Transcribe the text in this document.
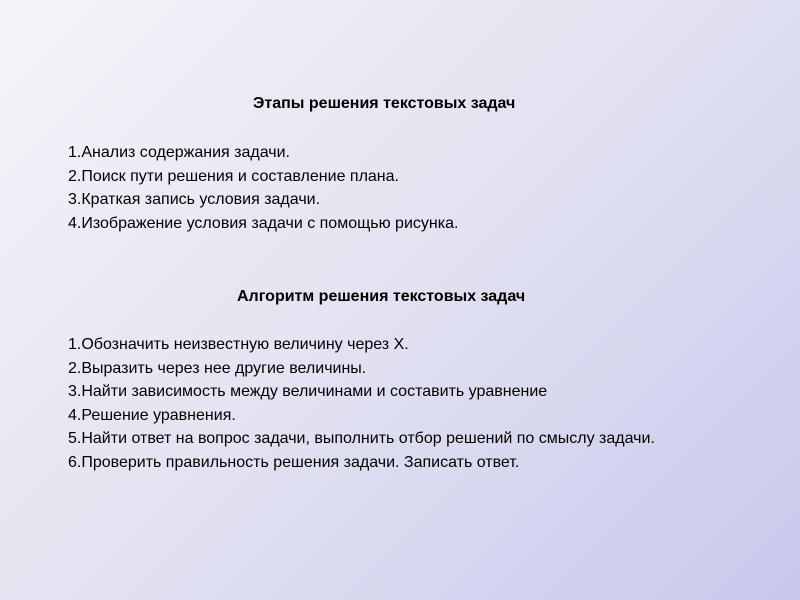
Этапы решения текстовых задач
1. Анализ содержания задачи.
2. Поиск пути решения и составление плана.
3. Краткая запись условия задачи.
4. Изображение условия задачи с помощью рисунка.
Алгоритм решения текстовых задач
1. Обозначить неизвестную величину через Х.
2. Выразить через нее другие величины.
3. Найти зависимость между величинами и составить уравнение
4. Решение уравнения.
5. Найти ответ на вопрос задачи, выполнить отбор решений по смыслу задачи.
6. Проверить правильность решения задачи. Записать ответ.
